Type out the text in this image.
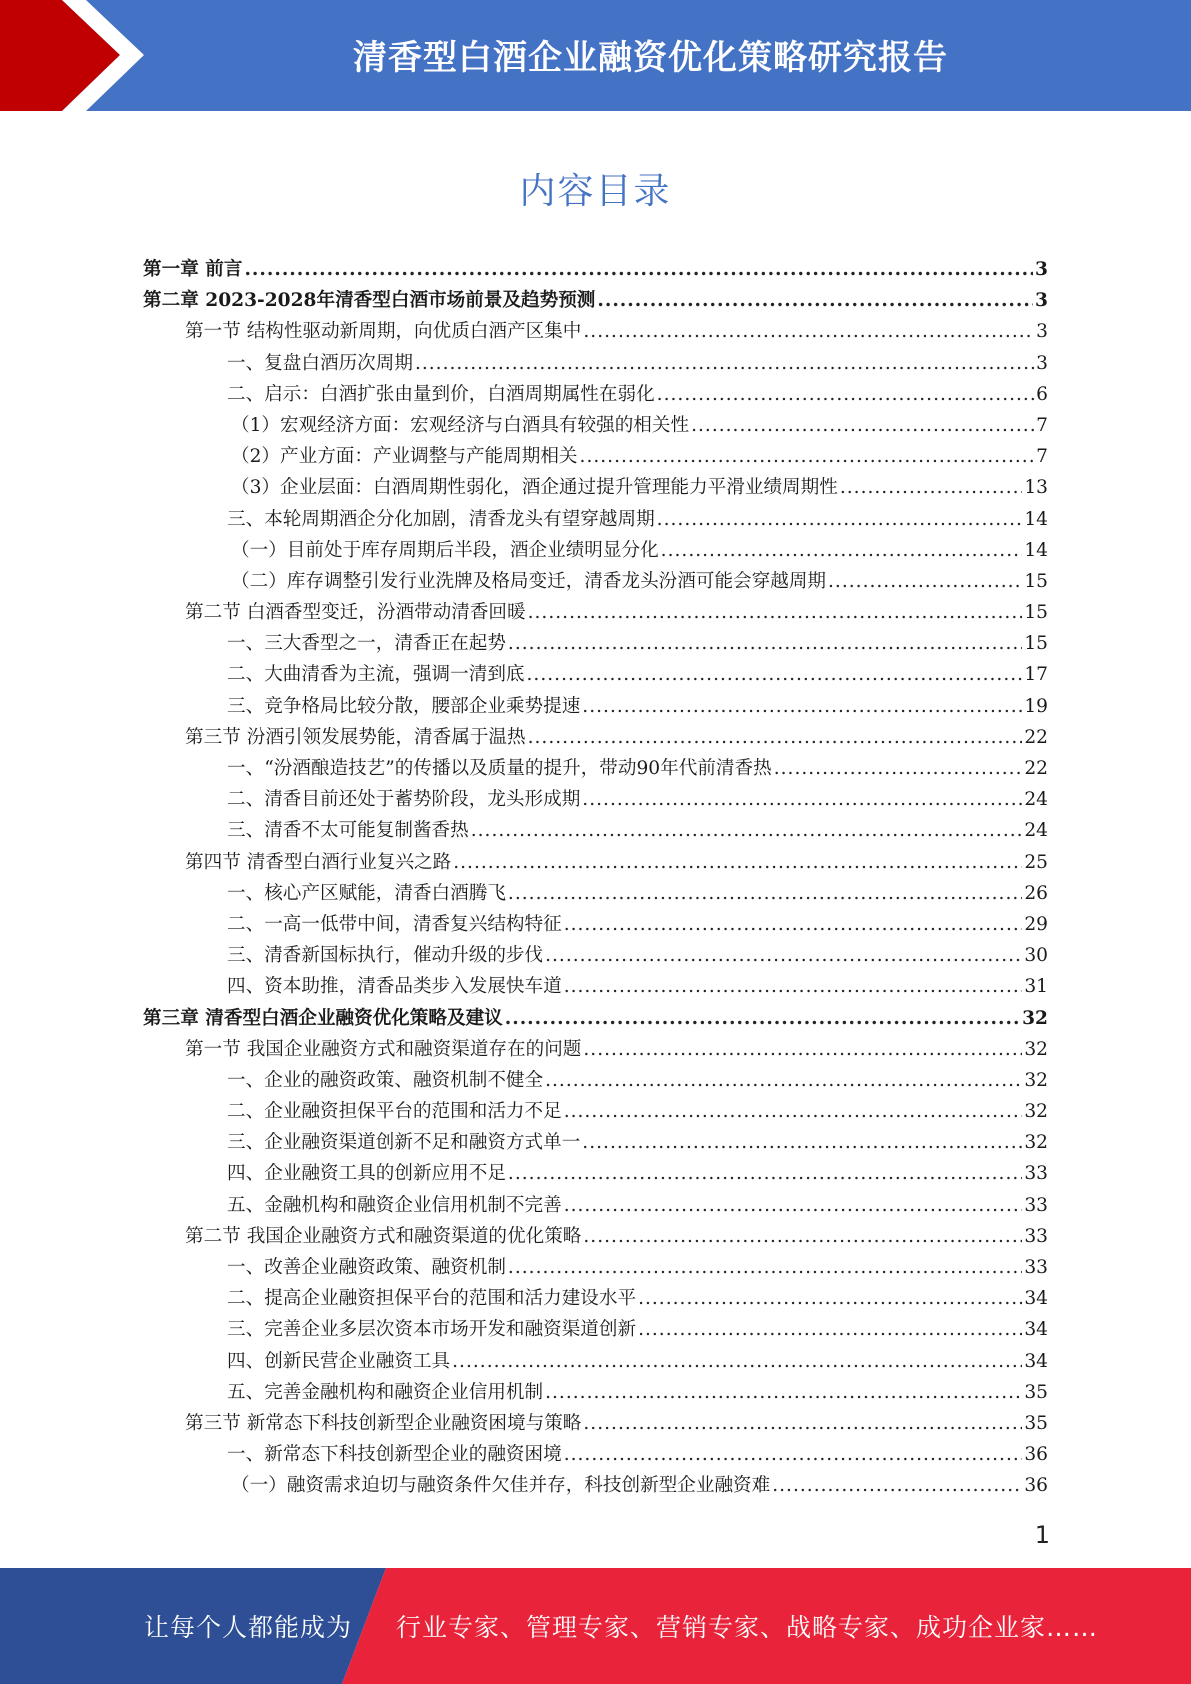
清香型白酒企业融资优化策略研究报告
内容目录
第一章 前言 .....	3
第二章 2023-2028年清香型白酒市场前景及趋势预测 .....	3
第一节 结构性驱动新周期，向优质白酒产区集中 .....	3
一、复盘白酒历次周期 .....	3
二、启示：白酒扩张由量到价，白酒周期属性在弱化 .....	6
（1）宏观经济方面：宏观经济与白酒具有较强的相关性 .....	7
（2）产业方面：产业调整与产能周期相关 .....	7
（3）企业层面：白酒周期性弱化，酒企通过提升管理能力平滑业绩周期性 .....	13
三、本轮周期酒企分化加剧，清香龙头有望穿越周期 .....	14
（一）目前处于库存周期后半段，酒企业绩明显分化 .....	14
（二）库存调整引发行业洗牌及格局变迁，清香龙头汾酒可能会穿越周期 .....	15
第二节 白酒香型变迁，汾酒带动清香回暖 .....	15
一、三大香型之一，清香正在起势 .....	15
二、大曲清香为主流，强调一清到底 .....	17
三、竞争格局比较分散，腰部企业乘势提速 .....	19
第三节 汾酒引领发展势能，清香属于温热 .....	22
一、“汾酒酿造技艺”的传播以及质量的提升，带动90年代前清香热 .....	22
二、清香目前还处于蓄势阶段，龙头形成期 .....	24
三、清香不太可能复制酱香热 .....	24
第四节 清香型白酒行业复兴之路 .....	25
一、核心产区赋能，清香白酒腾飞 .....	26
二、一高一低带中间，清香复兴结构特征 .....	29
三、清香新国标执行，催动升级的步伐 .....	30
四、资本助推，清香品类步入发展快车道 .....	31
第三章 清香型白酒企业融资优化策略及建议 .....	32
第一节 我国企业融资方式和融资渠道存在的问题 .....	32
一、企业的融资政策、融资机制不健全 .....	32
二、企业融资担保平台的范围和活力不足 .....	32
三、企业融资渠道创新不足和融资方式单一 .....	32
四、企业融资工具的创新应用不足 .....	33
五、金融机构和融资企业信用机制不完善 .....	33
第二节 我国企业融资方式和融资渠道的优化策略 .....	33
一、改善企业融资政策、融资机制 .....	33
二、提高企业融资担保平台的范围和活力建设水平 .....	34
三、完善企业多层次资本市场开发和融资渠道创新 .....	34
四、创新民营企业融资工具 .....	34
五、完善金融机构和融资企业信用机制 .....	35
第三节 新常态下科技创新型企业融资困境与策略 .....	35
一、新常态下科技创新型企业的融资困境 .....	36
（一）融资需求迫切与融资条件欠佳并存，科技创新型企业融资难 .....	36
1
让每个人都能成为 行业专家、管理专家、营销专家、战略专家、成功企业家……
